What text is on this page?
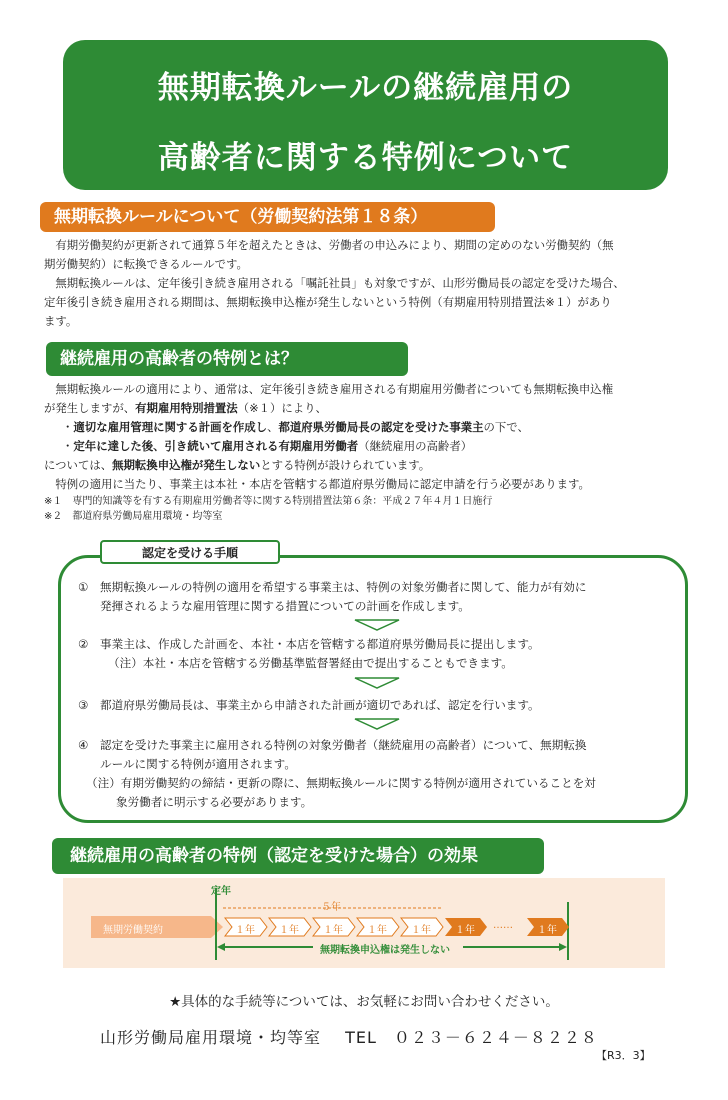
無期転換ルールの継続雇用の
高齢者に関する特例について
無期転換ルールについて（労働契約法第１８条）

有期労働契約が更新されて通算５年を超えたときは、労働者の申込みにより、期間の定めのない労働契約（無

期労働契約）に転換できるルールです。

無期転換ルールは、定年後引き続き雇用される「嘱託社員」も対象ですが、山形労働局長の認定を受けた場合、

定年後引き続き雇用される期間は、無期転換申込権が発生しないという特例（有期雇用特別措置法※１）があり

ます。

継続雇用の高齢者の特例とは？

無期転換ルールの適用により、通常は、定年後引き続き雇用される有期雇用労働者についても無期転換申込権

が発生しますが、有期雇用特別措置法（※１）により、

・適切な雇用管理に関する計画を作成し、都道府県労働局長の認定を受けた事業主の下で、

・定年に達した後、引き続いて雇用される有期雇用労働者（継続雇用の高齢者）

については、無期転換申込権が発生しないとする特例が設けられています。

特例の適用に当たり、事業主は本社・本店を管轄する都道府県労働局に認定申請を行う必要があります。

※１　専門的知識等を有する有期雇用労働者等に関する特別措置法第６条：平成２７年４月１日施行

※２　都道府県労働局雇用環境・均等室

認定を受ける手順
① 無期転換ルールの特例の適用を希望する事業主は、特例の対象労働者に関して、能力が有効に
発揮されるような雇用管理に関する措置についての計画を作成します。
② 事業主は、作成した計画を、本社・本店を管轄する都道府県労働局長に提出します。
（注）本社・本店を管轄する労働基準監督署経由で提出することもできます。
③ 都道府県労働局長は、事業主から申請された計画が適切であれば、認定を行います。
④ 認定を受けた事業主に雇用される特例の対象労働者（継続雇用の高齢者）について、無期転換
ルールに関する特例が適用されます。
（注）有期労働契約の締結・更新の際に、無期転換ルールに関する特例が適用されていることを対
象労働者に明示する必要があります。
継続雇用の高齢者の特例（認定を受けた場合）の効果
定年
５年
無期労働契約	１年 １年 １年 １年 １年 １年 …… １年
無期転換申込権は発生しない
★具体的な手続等については、お気軽にお問い合わせください。
山形労働局雇用環境・均等室 TEL　０２３－６２４－８２２８
【R3．3】
